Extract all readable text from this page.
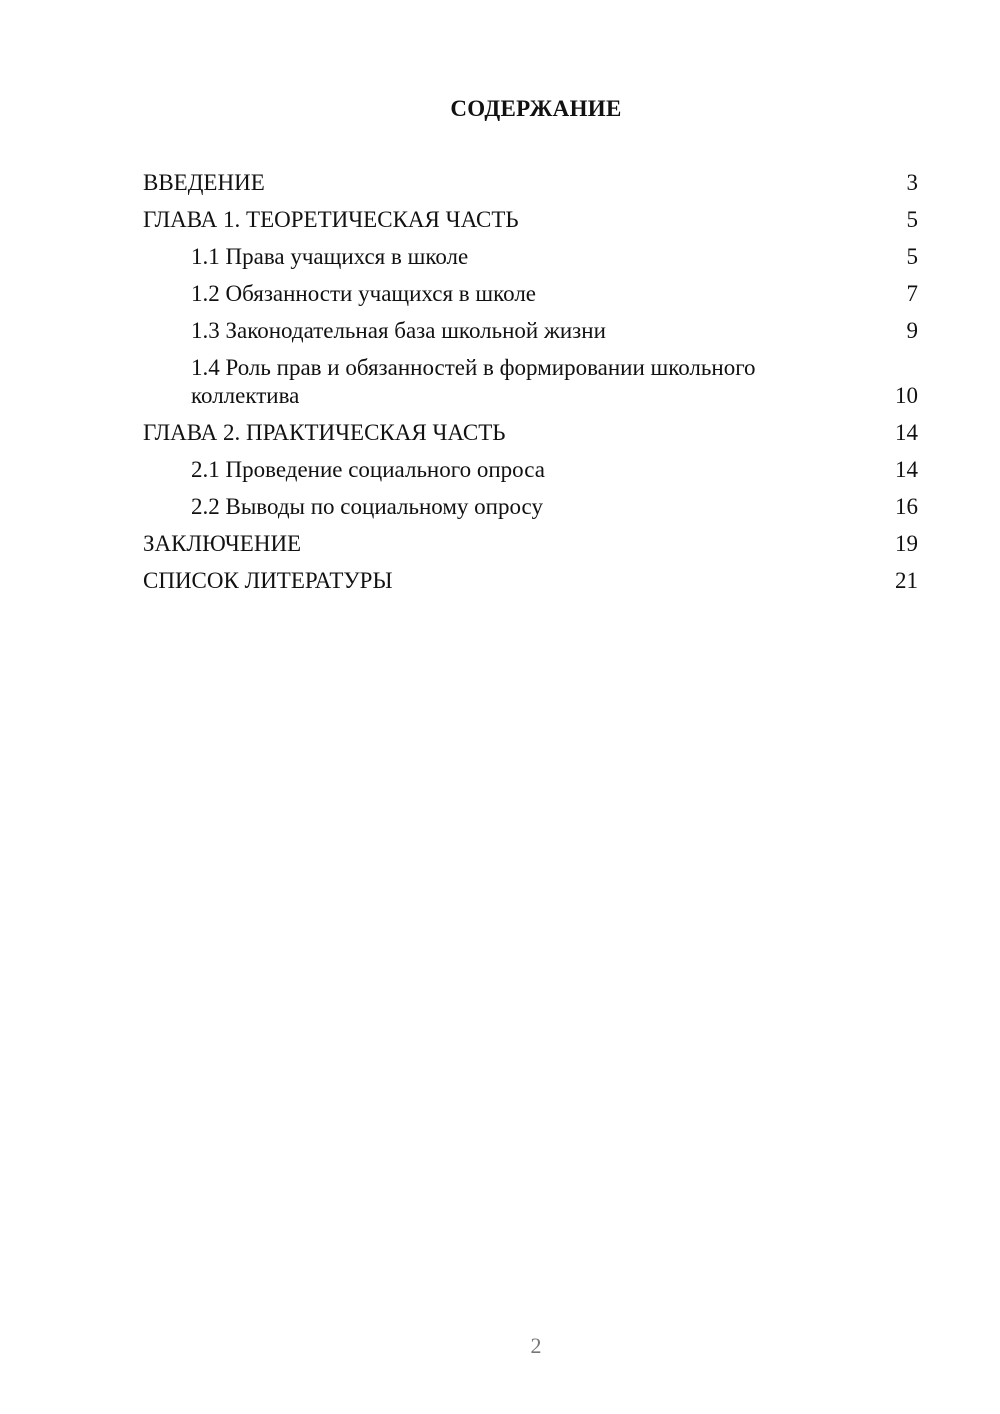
СОДЕРЖАНИЕ
ВВЕДЕНИЕ	3
ГЛАВА 1. ТЕОРЕТИЧЕСКАЯ ЧАСТЬ	5
1.1 Права учащихся в школе	5
1.2 Обязанности учащихся в школе	7
1.3 Законодательная база школьной жизни	9
1.4 Роль прав и обязанностей в формировании школьного коллектива	10
ГЛАВА 2. ПРАКТИЧЕСКАЯ ЧАСТЬ	14
2.1 Проведение социального опроса	14
2.2 Выводы по социальному опросу	16
ЗАКЛЮЧЕНИЕ	19
СПИСОК ЛИТЕРАТУРЫ	21
2
